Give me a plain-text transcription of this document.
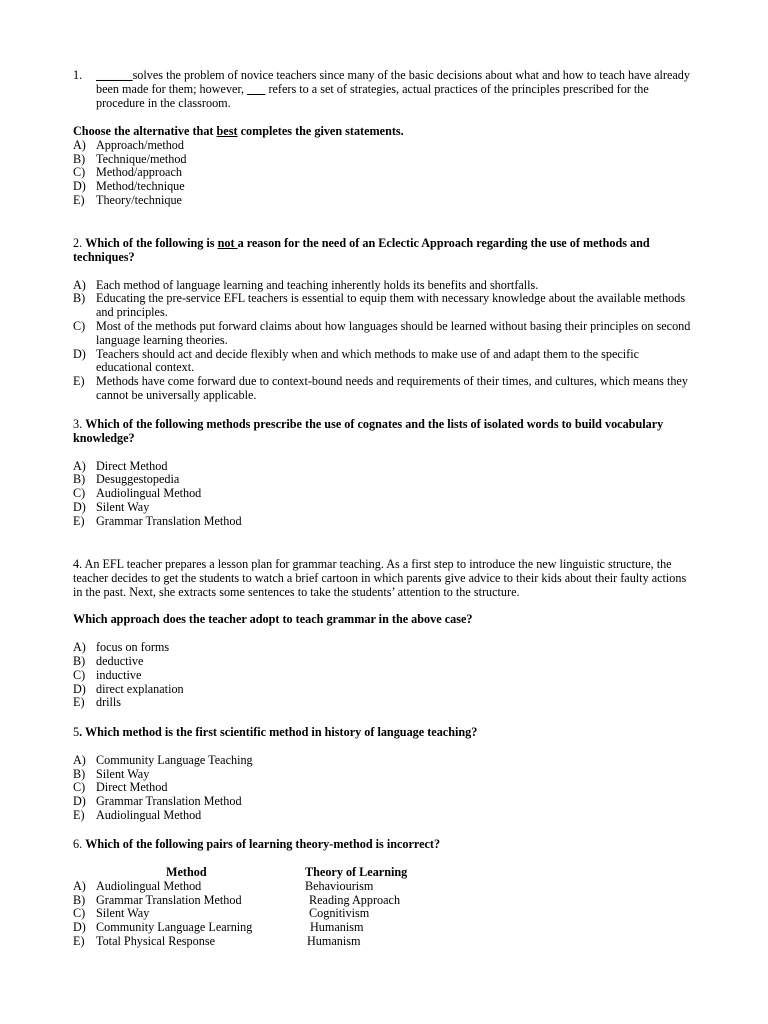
1.	______solves the problem of novice teachers since many of the basic decisions about what and how to teach have already been made for them; however, ___ refers to a set of strategies, actual practices of the principles prescribed for the procedure in the classroom.

Choose the alternative that best completes the given statements.

A) Approach/method
B) Technique/method
C) Method/approach
D) Method/technique
E) Theory/technique

2. Which of the following is not a reason for the need of an Eclectic Approach regarding the use of methods and techniques?

A) Each method of language learning and teaching inherently holds its benefits and shortfalls.
B) Educating the pre-service EFL teachers is essential to equip them with necessary knowledge about the available methods and principles.
C) Most of the methods put forward claims about how languages should be learned without basing their principles on second language learning theories.
D) Teachers should act and decide flexibly when and which methods to make use of and adapt them to the specific educational context.
E) Methods have come forward due to context-bound needs and requirements of their times, and cultures, which means they cannot be universally applicable.

3. Which of the following methods prescribe the use of cognates and the lists of isolated words to build vocabulary knowledge?

A) Direct Method
B) Desuggestopedia
C) Audiolingual Method
D) Silent Way
E) Grammar Translation Method

4. An EFL teacher prepares a lesson plan for grammar teaching. As a first step to introduce the new linguistic structure, the teacher decides to get the students to watch a brief cartoon in which parents give advice to their kids about their faulty actions in the past. Next, she extracts some sentences to take the students’ attention to the structure.

Which approach does the teacher adopt to teach grammar in the above case?

A) focus on forms
B) deductive
C) inductive
D) direct explanation
E) drills

5. Which method is the first scientific method in history of language teaching?

A) Community Language Teaching
B) Silent Way
C) Direct Method
D) Grammar Translation Method
E) Audiolingual Method

6. Which of the following pairs of learning theory-method is incorrect?

Method	Theory of Learning
A) Audiolingual Method	Behaviourism
B) Grammar Translation Method	Reading Approach
C) Silent Way	Cognitivism
D) Community Language Learning	Humanism
E) Total Physical Response	Humanism
